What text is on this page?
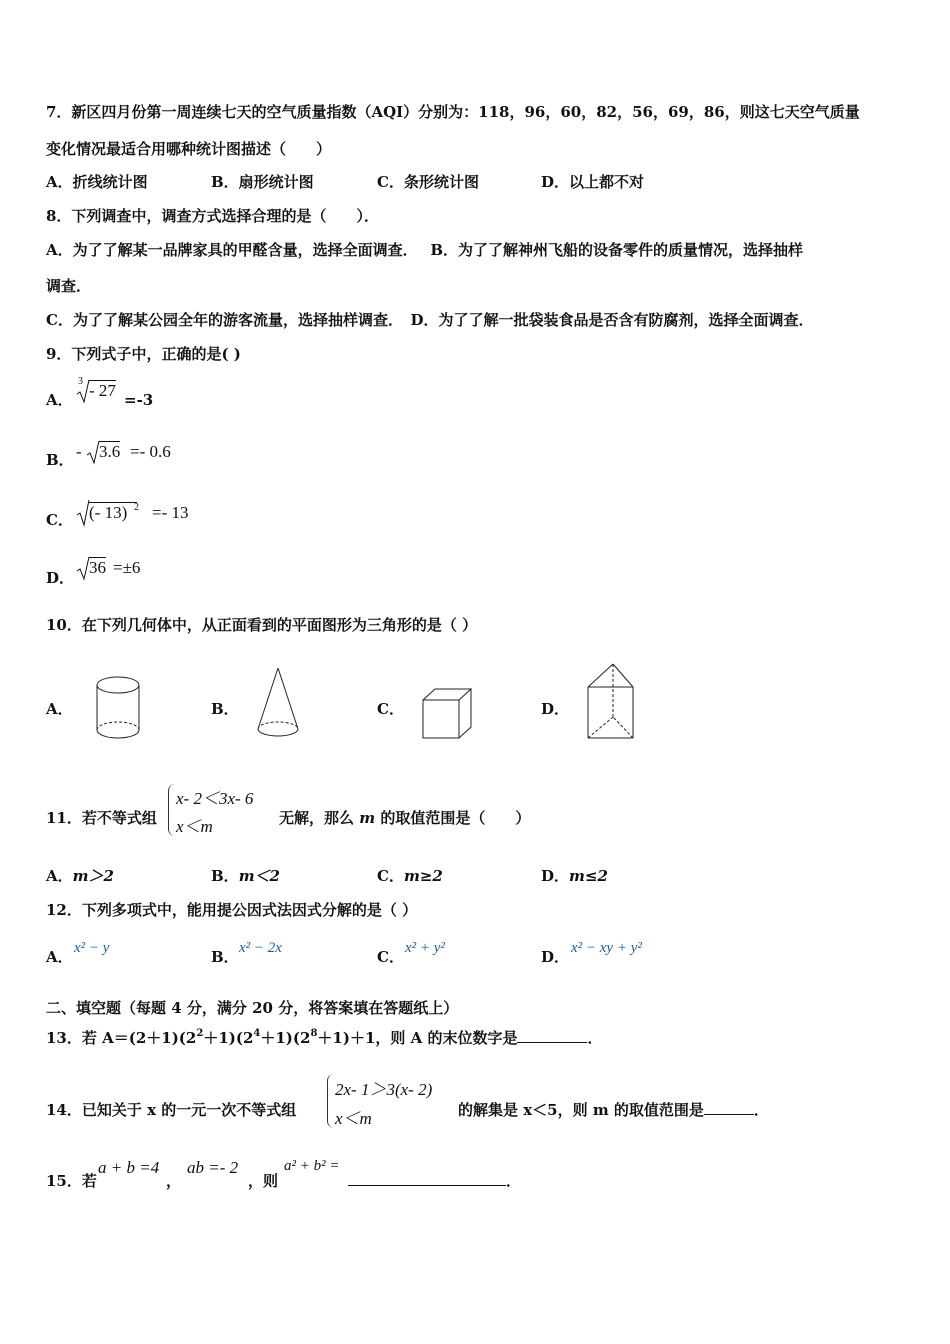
7．新区四月份第一周连续七天的空气质量指数（AQI）分别为：118，96，60，82，56，69，86，则这七天空气质量
变化情况最适合用哪种统计图描述（　　）
A．折线统计图	B．扇形统计图	C．条形统计图	D．以上都不对
8．下列调查中，调查方式选择合理的是（　　）．
A．为了了解某一品牌家具的甲醛含量，选择全面调查．　 B．为了了解神州飞船的设备零件的质量情况，选择抽样
调查．
C．为了了解某公园全年的游客流量，选择抽样调查．　D．为了了解一批袋装食品是否含有防腐剂，选择全面调查．
9．下列式子中，正确的是( )
A．
3 - 27 =-3
B． - 3.6 =- 0.6
C． (- 13) 2 =- 13
D．
36 =±6
10．在下列几何体中，从正面看到的平面图形为三角形的是（ ）
A．	B．	C．	D．
11．若不等式组
x- 2＜3x- 6
x＜m	无解，那么 m 的取值范围是（　　）
A．m＞2	B．m＜2	C．m≥2	D．m≤2
12．下列多项式中，能用提公因式法因式分解的是（ ）
A． x² − y	B． x² − 2x	C． x² + y²	D． x² − xy + y²
二、填空题（每题 4 分，满分 20 分，将答案填在答题纸上）
13．若 $A=(2+1)(2^2+1)(2^4+1)(2^8+1)+1$，则 A 的末位数字是	．
14．已知关于 x 的一元一次不等式组
2x- 1＞3(x- 2)
x＜m	的解集是 x＜5，则 m 的取值范围是	．
15．若
a + b =4
，
ab =- 2
，则
a² + b² =
．
